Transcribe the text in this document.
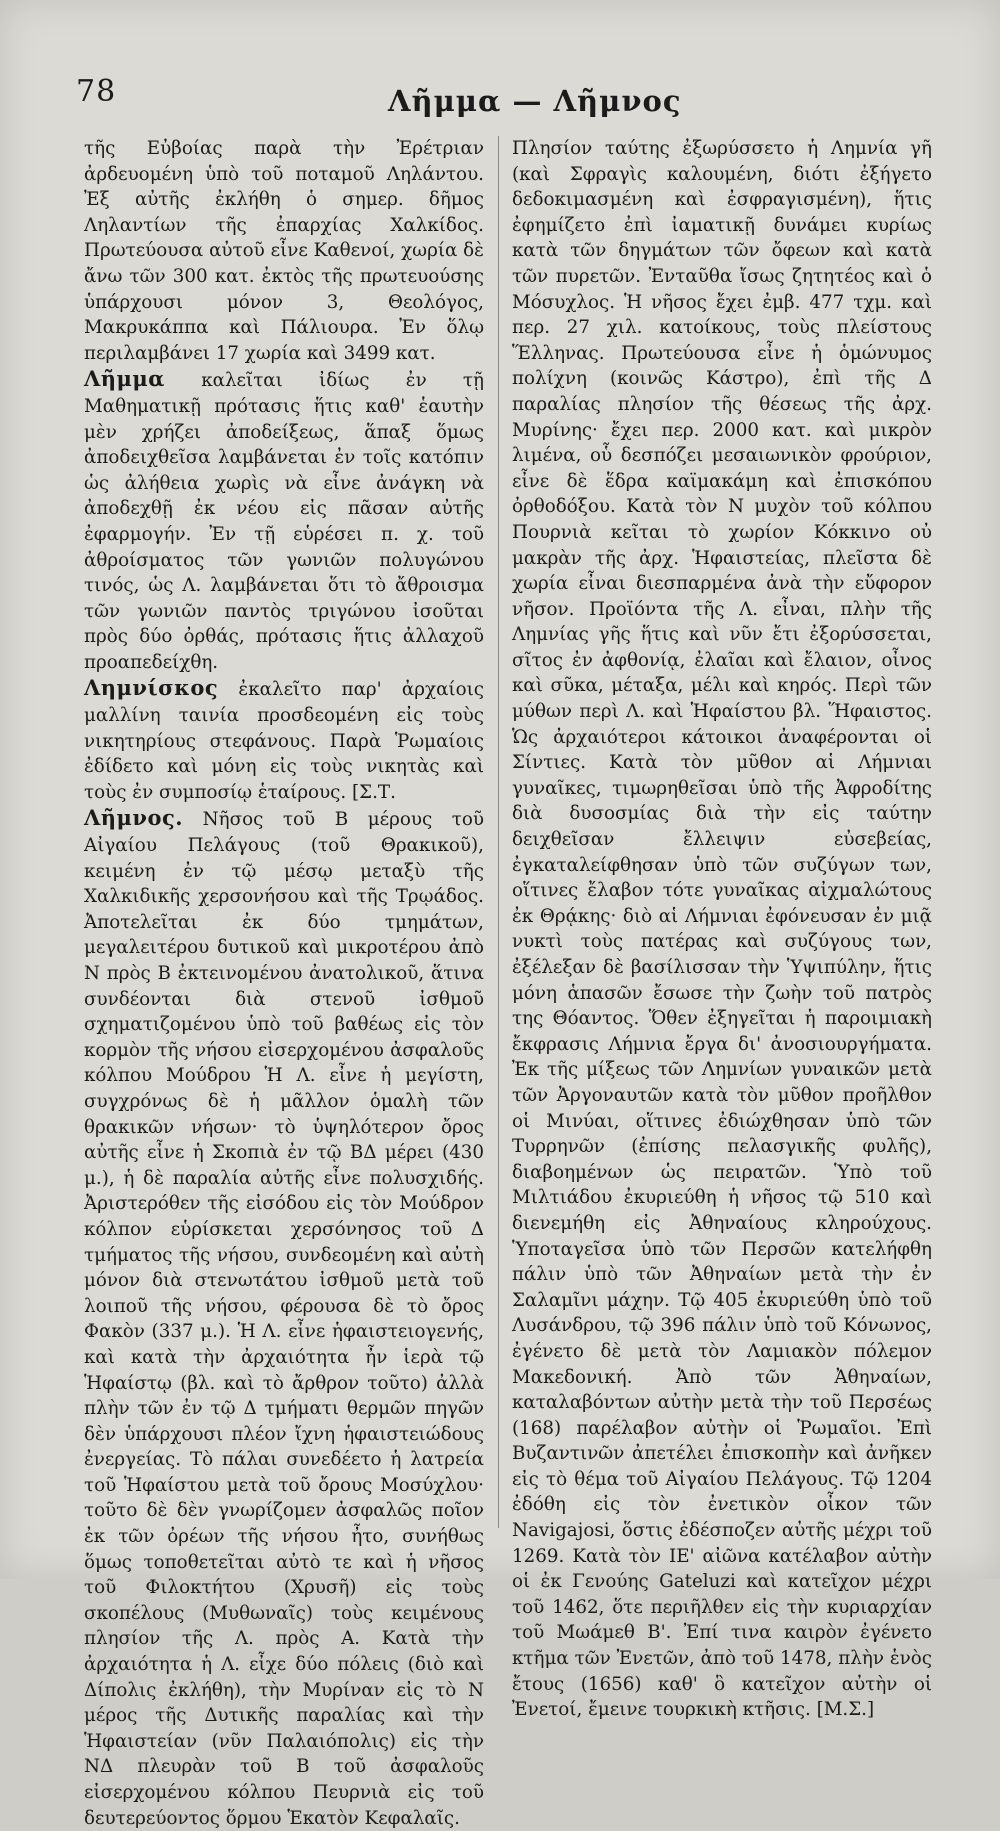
78	Λῆμμα — Λῆμνος

τῆς Εὐβοίας παρὰ τὴν Ἐρέτριαν ἀρδευομένη ὑπὸ τοῦ ποταμοῦ Ληλάντου. Ἐξ αὐτῆς ἐκλήθη ὁ σημερ. δῆμος Ληλαντίων τῆς ἐπαρχίας Χαλκίδος. Πρωτεύουσα αὐτοῦ εἶνε Καθενοί, χωρία δὲ ἄνω τῶν 300 κατ. ἐκτὸς τῆς πρωτευούσης ὑπάρχουσι μόνον 3, Θεολόγος, Μακρυκάππα καὶ Πάλιουρα. Ἐν ὅλῳ περιλαμβάνει 17 χωρία καὶ 3499 κατ.

Λῆμμα καλεῖται ἰδίως ἐν τῇ Μαθηματικῇ πρότασις ἥτις καθ' ἑαυτὴν μὲν χρήζει ἀποδείξεως, ἅπαξ ὅμως ἀποδειχθεῖσα λαμβάνεται ἐν τοῖς κατόπιν ὡς ἀλήθεια χωρὶς νὰ εἶνε ἀνάγκη νὰ ἀποδεχθῇ ἐκ νέου εἰς πᾶσαν αὐτῆς ἐφαρμογήν. Ἐν τῇ εὑρέσει π. χ. τοῦ ἀθροίσματος τῶν γωνιῶν πολυγώνου τινός, ὡς Λ. λαμβάνεται ὅτι τὸ ἄθροισμα τῶν γωνιῶν παντὸς τριγώνου ἰσοῦται πρὸς δύο ὀρθάς, πρότασις ἥτις ἀλλαχοῦ προαπεδείχθη.

Λημνίσκος ἐκαλεῖτο παρ' ἀρχαίοις μαλλίνη ταινία προσδεομένη εἰς τοὺς νικητηρίους στεφάνους. Παρὰ Ῥωμαίοις ἐδίδετο καὶ μόνη εἰς τοὺς νικητὰς καὶ τοὺς ἐν συμποσίῳ ἑταίρους. [Σ.Τ.

Λῆμνος. Νῆσος τοῦ Β μέρους τοῦ Αἰγαίου Πελάγους (τοῦ Θρακικοῦ), κειμένη ἐν τῷ μέσῳ μεταξὺ τῆς Χαλκιδικῆς χερσονήσου καὶ τῆς Τρῳάδος. Ἀποτελεῖται ἐκ δύο τμημάτων, μεγαλειτέρου δυτικοῦ καὶ μικροτέρου ἀπὸ Ν πρὸς Β ἐκτεινομένου ἀνατολικοῦ, ἅτινα συνδέονται διὰ στενοῦ ἰσθμοῦ σχηματιζομένου ὑπὸ τοῦ βαθέως εἰς τὸν κορμὸν τῆς νήσου εἰσερχομένου ἀσφαλοῦς κόλπου Μούδρου Ἡ Λ. εἶνε ἡ μεγίστη, συγχρόνως δὲ ἡ μᾶλλον ὁμαλὴ τῶν θρακικῶν νήσων· τὸ ὑψηλότερον ὄρος αὐτῆς εἶνε ἡ Σκοπιὰ ἐν τῷ ΒΔ μέρει (430 μ.), ἡ δὲ παραλία αὐτῆς εἶνε πολυσχιδής. Ἀριστερόθεν τῆς εἰσόδου εἰς τὸν Μούδρον κόλπον εὑρίσκεται χερσόνησος τοῦ Δ τμήματος τῆς νήσου, συνδεομένη καὶ αὐτὴ μόνον διὰ στενωτάτου ἰσθμοῦ μετὰ τοῦ λοιποῦ τῆς νήσου, φέρουσα δὲ τὸ ὄρος Φακὸν (337 μ.). Ἡ Λ. εἶνε ἡφαιστειογενής, καὶ κατὰ τὴν ἀρχαιότητα ἦν ἱερὰ τῷ Ἡφαίστῳ (βλ. καὶ τὸ ἄρθρον τοῦτο) ἀλλὰ πλὴν τῶν ἐν τῷ Δ τμήματι θερμῶν πηγῶν δὲν ὑπάρχουσι πλέον ἴχνη ἡφαιστειώδους ἐνεργείας. Τὸ πάλαι συνεδέετο ἡ λατρεία τοῦ Ἡφαίστου μετὰ τοῦ ὄρους Μοσύχλου· τοῦτο δὲ δὲν γνωρίζομεν ἀσφαλῶς ποῖον ἐκ τῶν ὀρέων τῆς νήσου ἦτο, συνήθως ὅμως τοποθετεῖται αὐτὸ τε καὶ ἡ νῆσος τοῦ Φιλοκτήτου (Χρυσῆ) εἰς τοὺς σκοπέλους (Μυθωναῖς) τοὺς κειμένους πλησίον τῆς Λ. πρὸς Α. Κατὰ τὴν ἀρχαιότητα ἡ Λ. εἶχε δύο πόλεις (διὸ καὶ Δίπολις ἐκλήθη), τὴν Μυρίναν εἰς τὸ Ν μέρος τῆς Δυτικῆς παραλίας καὶ τὴν Ἡφαιστείαν (νῦν Παλαιόπολις) εἰς τὴν ΝΔ πλευρὰν τοῦ Β τοῦ ἀσφαλοῦς εἰσερχομένου κόλπου Πευρνιὰ εἰς τοῦ δευτερεύοντος ὅρμου Ἑκατὸν Κεφαλαῖς.

Πλησίον ταύτης ἐξωρύσσετο ἡ Λημνία γῆ (καὶ Σφραγὶς καλουμένη, διότι ἐξήγετο δεδοκιμασμένη καὶ ἐσφραγισμένη), ἥτις ἐφημίζετο ἐπὶ ἰαματικῇ δυνάμει κυρίως κατὰ τῶν δηγμάτων τῶν ὄφεων καὶ κατὰ τῶν πυρετῶν. Ἐνταῦθα ἴσως ζητητέος καὶ ὁ Μόσυχλος. Ἡ νῆσος ἔχει ἐμβ. 477 τχμ. καὶ περ. 27 χιλ. κατοίκους, τοὺς πλείστους Ἕλληνας. Πρωτεύουσα εἶνε ἡ ὁμώνυμος πολίχνη (κοινῶς Κάστρο), ἐπὶ τῆς Δ παραλίας πλησίον τῆς θέσεως τῆς ἀρχ. Μυρίνης· ἔχει περ. 2000 κατ. καὶ μικρὸν λιμένα, οὗ δεσπόζει μεσαιωνικὸν φρούριον, εἶνε δὲ ἕδρα καϊμακάμη καὶ ἐπισκόπου ὀρθοδόξου. Κατὰ τὸν Ν μυχὸν τοῦ κόλπου Πουρνιὰ κεῖται τὸ χωρίον Κόκκινο οὐ μακρὰν τῆς ἀρχ. Ἡφαιστείας, πλεῖστα δὲ χωρία εἶναι διεσπαρμένα ἀνὰ τὴν εὔφορον νῆσον. Προϊόντα τῆς Λ. εἶναι, πλὴν τῆς Λημνίας γῆς ἥτις καὶ νῦν ἔτι ἐξορύσσεται, σῖτος ἐν ἀφθονίᾳ, ἐλαῖαι καὶ ἔλαιον, οἶνος καὶ σῦκα, μέταξα, μέλι καὶ κηρός. Περὶ τῶν μύθων περὶ Λ. καὶ Ἡφαίστου βλ. Ἥφαιστος. Ὡς ἀρχαιότεροι κάτοικοι ἀναφέρονται οἱ Σίντιες. Κατὰ τὸν μῦθον αἱ Λήμνιαι γυναῖκες, τιμωρηθεῖσαι ὑπὸ τῆς Ἀφροδίτης διὰ δυσοσμίας διὰ τὴν εἰς ταύτην δειχθεῖσαν ἔλλειψιν εὐσεβείας, ἐγκαταλείφθησαν ὑπὸ τῶν συζύγων των, οἵτινες ἔλαβον τότε γυναῖκας αἰχμαλώτους ἐκ Θρᾴκης· διὸ αἱ Λήμνιαι ἐφόνευσαν ἐν μιᾷ νυκτὶ τοὺς πατέρας καὶ συζύγους των, ἐξέλεξαν δὲ βασίλισσαν τὴν Ὑψιπύλην, ἥτις μόνη ἁπασῶν ἔσωσε τὴν ζωὴν τοῦ πατρὸς της Θόαντος. Ὅθεν ἐξηγεῖται ἡ παροιμιακὴ ἔκφρασις Λήμνια ἔργα δι' ἀνοσιουργήματα. Ἐκ τῆς μίξεως τῶν Λημνίων γυναικῶν μετὰ τῶν Ἀργοναυτῶν κατὰ τὸν μῦθον προῆλθον οἱ Μινύαι, οἵτινες ἐδιώχθησαν ὑπὸ τῶν Τυρρηνῶν (ἐπίσης πελασγικῆς φυλῆς), διαβοημένων ὡς πειρατῶν. Ὑπὸ τοῦ Μιλτιάδου ἐκυριεύθη ἡ νῆσος τῷ 510 καὶ διενεμήθη εἰς Ἀθηναίους κληρούχους. Ὑποταγεῖσα ὑπὸ τῶν Περσῶν κατελήφθη πάλιν ὑπὸ τῶν Ἀθηναίων μετὰ τὴν ἐν Σαλαμῖνι μάχην. Τῷ 405 ἐκυριεύθη ὑπὸ τοῦ Λυσάνδρου, τῷ 396 πάλιν ὑπὸ τοῦ Κόνωνος, ἐγένετο δὲ μετὰ τὸν Λαμιακὸν πόλεμον Μακεδονική. Ἀπὸ τῶν Ἀθηναίων, καταλαβόντων αὐτὴν μετὰ τὴν τοῦ Περσέως (168) παρέλαβον αὐτὴν οἱ Ῥωμαῖοι. Ἐπὶ Βυζαντινῶν ἀπετέλει ἐπισκοπὴν καὶ ἀνῆκεν εἰς τὸ θέμα τοῦ Αἰγαίου Πελάγους. Τῷ 1204 ἐδόθη εἰς τὸν ἐνετικὸν οἶκον τῶν Navigajosi, ὅστις ἐδέσποζεν αὐτῆς μέχρι τοῦ 1269. Κατὰ τὸν ΙΕ' αἰῶνα κατέλαβον αὐτὴν οἱ ἐκ Γενούης Gateluzi καὶ κατεῖχον μέχρι τοῦ 1462, ὅτε περιῆλθεν εἰς τὴν κυριαρχίαν τοῦ Μωάμεθ Β'. Ἐπί τινα καιρὸν ἐγένετο κτῆμα τῶν Ἐνετῶν, ἀπὸ τοῦ 1478, πλὴν ἑνὸς ἔτους (1656) καθ' ὃ κατεῖχον αὐτὴν οἱ Ἐνετοί, ἔμεινε τουρκικὴ κτῆσις. [Μ.Σ.]
